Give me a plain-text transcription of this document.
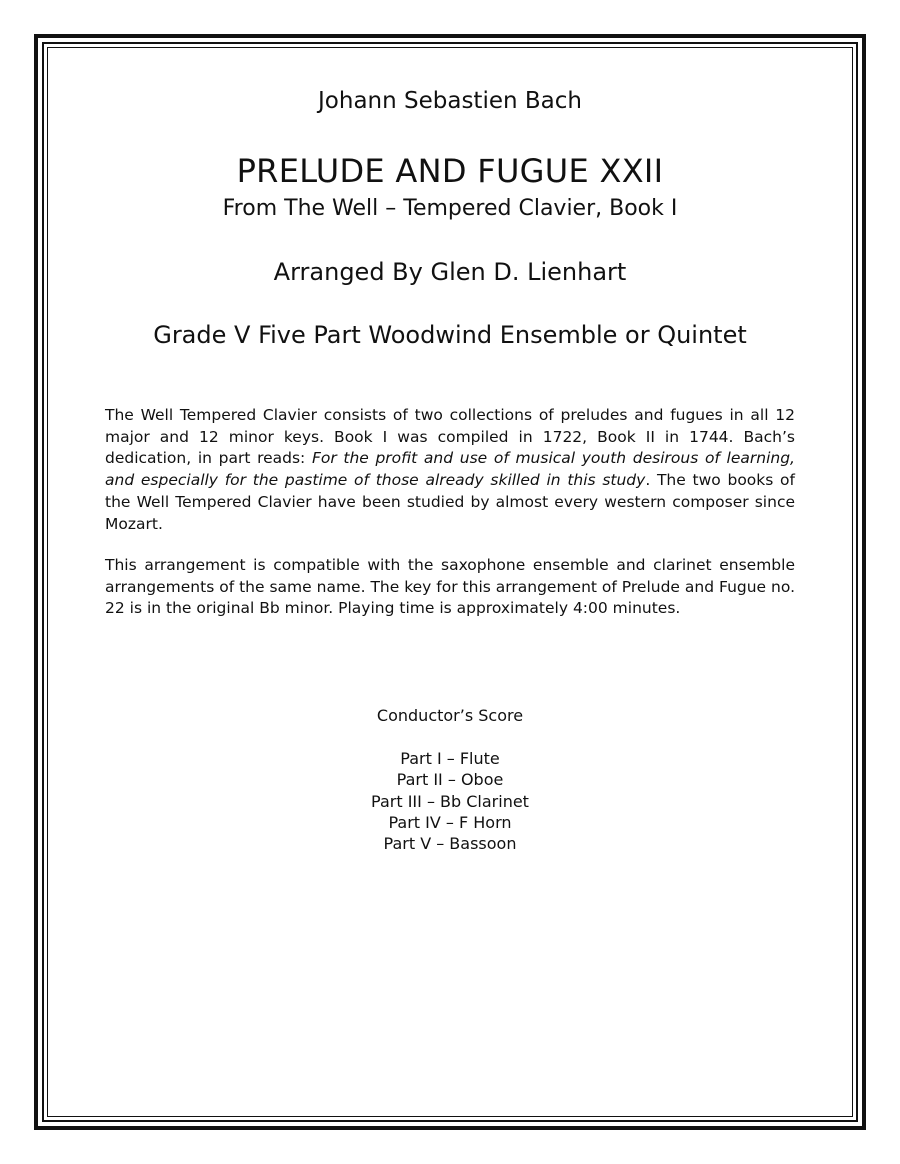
Johann Sebastien Bach
PRELUDE AND FUGUE XXII
From The Well – Tempered Clavier, Book I
Arranged By Glen D. Lienhart
Grade V Five Part Woodwind Ensemble or Quintet

The Well Tempered Clavier consists of two collections of preludes and fugues in all 12 major and 12 minor keys. Book I was compiled in 1722, Book II in 1744. Bach’s dedication, in part reads: For the profit and use of musical youth desirous of learning, and especially for the pastime of those already skilled in this study. The two books of the Well Tempered Clavier have been studied by almost every western composer since Mozart.

This arrangement is compatible with the saxophone ensemble and clarinet ensemble arrangements of the same name. The key for this arrangement of Prelude and Fugue no. 22 is in the original Bb minor. Playing time is approximately 4:00 minutes.

Conductor’s Score
Part I – Flute
Part II – Oboe
Part III – Bb Clarinet
Part IV – F Horn
Part V – Bassoon
